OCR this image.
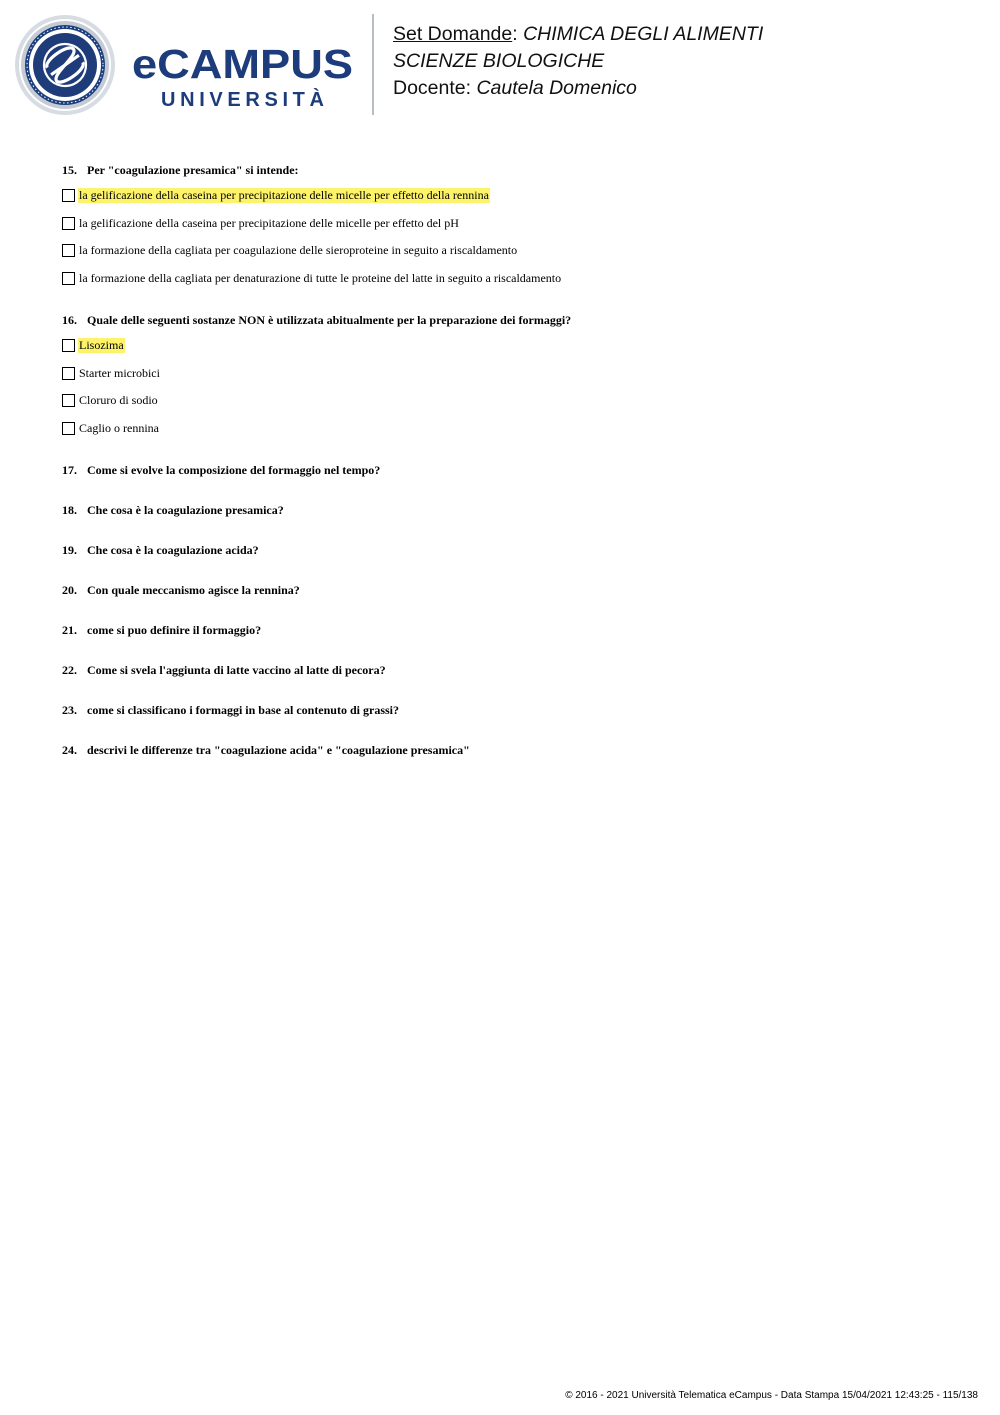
eCAMPUS
UNIVERSITÀ
Set Domande: CHIMICA DEGLI ALIMENTI
SCIENZE BIOLOGICHE
Docente: Cautela Domenico
15. Per "coagulazione presamica" si intende:
la gelificazione della caseina per precipitazione delle micelle per effetto della rennina
la gelificazione della caseina per precipitazione delle micelle per effetto del pH
la formazione della cagliata per coagulazione delle sieroproteine in seguito a riscaldamento
la formazione della cagliata per denaturazione di tutte le proteine del latte in seguito a riscaldamento
16. Quale delle seguenti sostanze NON è utilizzata abitualmente per la preparazione dei formaggi?
Lisozima
Starter microbici
Cloruro di sodio
Caglio o rennina
17. Come si evolve la composizione del formaggio nel tempo?
18. Che cosa è la coagulazione presamica?
19. Che cosa è la coagulazione acida?
20. Con quale meccanismo agisce la rennina?
21. come si puo definire il formaggio?
22. Come si svela l'aggiunta di latte vaccino al latte di pecora?
23. come si classificano i formaggi in base al contenuto di grassi?
24. descrivi le differenze tra "coagulazione acida" e "coagulazione presamica"
© 2016 - 2021 Università Telematica eCampus - Data Stampa 15/04/2021 12:43:25 - 115/138
